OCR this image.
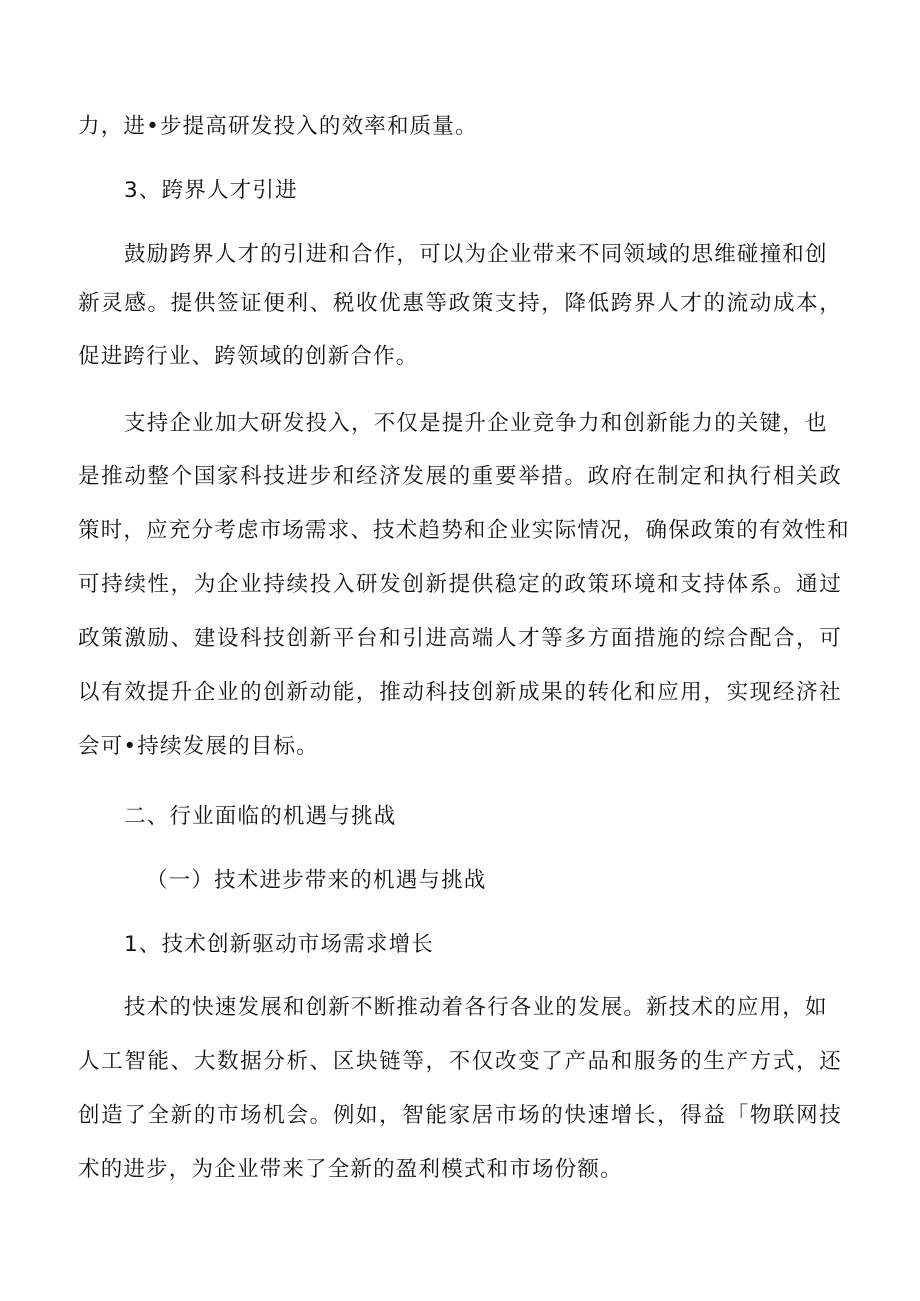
力，进•步提高研发投入的效率和质量。
3、跨界人才引进
鼓励跨界人才的引进和合作，可以为企业带来不同领域的思维碰撞和创
新灵感。提供签证便利、税收优惠等政策支持，降低跨界人才的流动成本，
促进跨行业、跨领域的创新合作。
支持企业加大研发投入，不仅是提升企业竞争力和创新能力的关键，也
是推动整个国家科技进步和经济发展的重要举措。政府在制定和执行相关政
策时，应充分考虑市场需求、技术趋势和企业实际情况，确保政策的有效性和
可持续性，为企业持续投入研发创新提供稳定的政策环境和支持体系。通过
政策激励、建设科技创新平台和引进高端人才等多方面措施的综合配合，可
以有效提升企业的创新动能，推动科技创新成果的转化和应用，实现经济社
会可•持续发展的目标。
二、行业面临的机遇与挑战
（一）技术进步带来的机遇与挑战
1、技术创新驱动市场需求增长
技术的快速发展和创新不断推动着各行各业的发展。新技术的应用，如
人工智能、大数据分析、区块链等，不仅改变了产品和服务的生产方式，还
创造了全新的市场机会。例如，智能家居市场的快速增长，得益「物联网技
术的进步，为企业带来了全新的盈利模式和市场份额。
